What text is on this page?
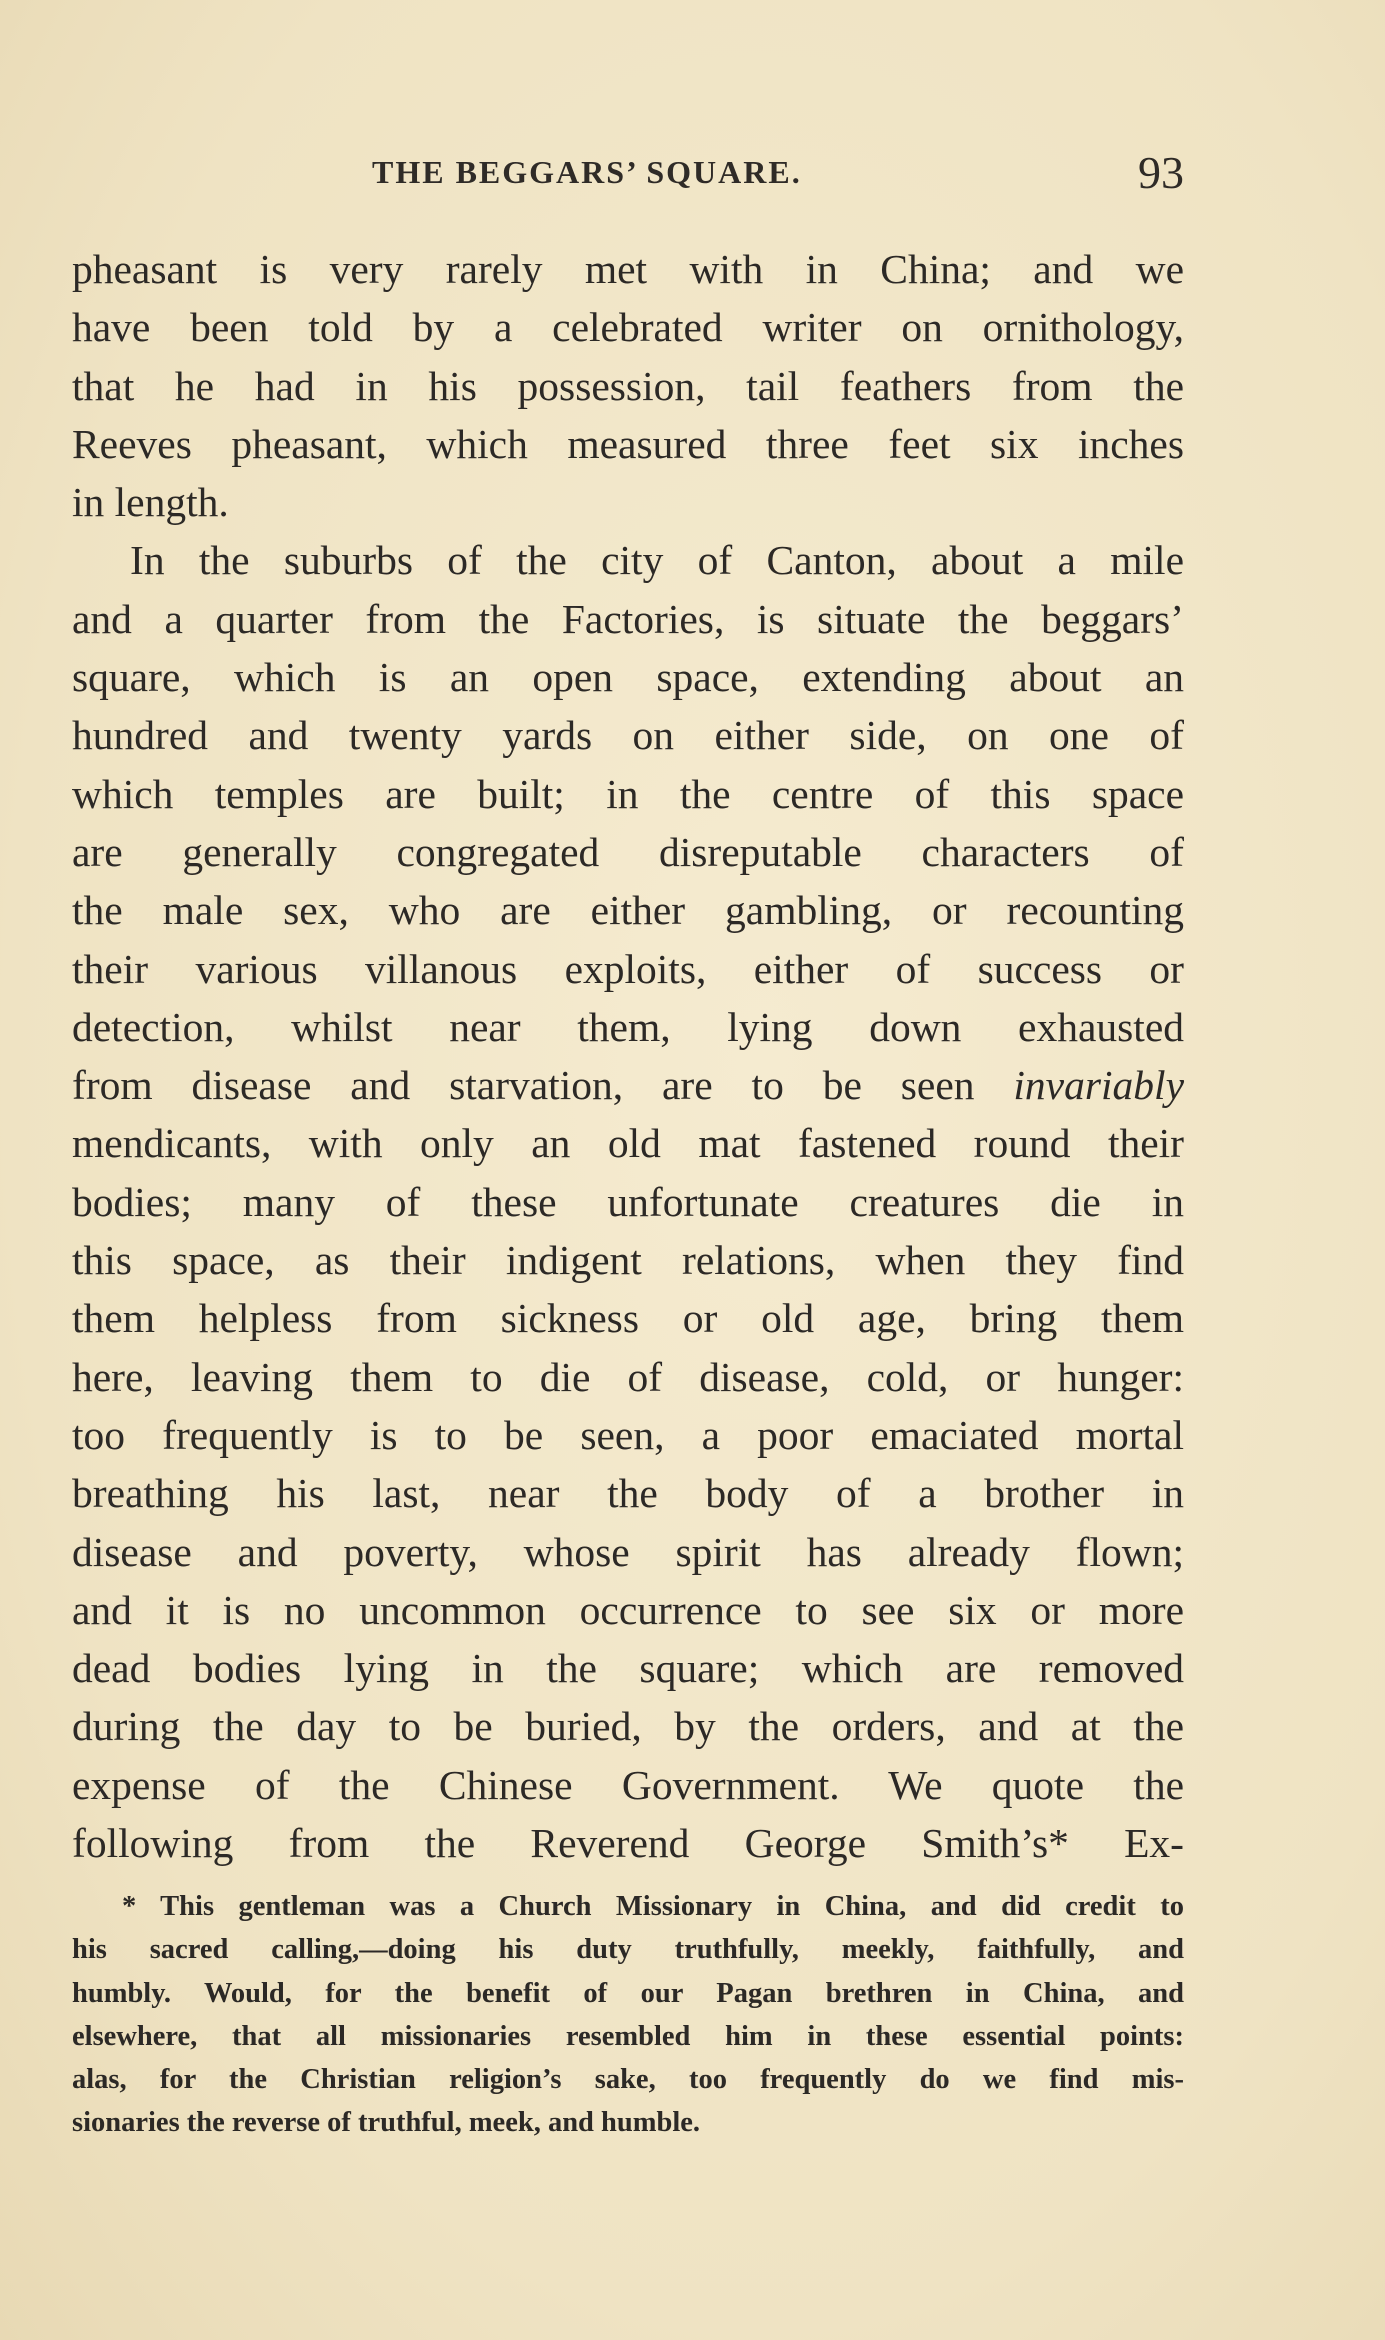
THE BEGGARS’ SQUARE.	93
pheasant is very rarely met with in China; and we
have been told by a celebrated writer on ornithology,
that he had in his possession, tail feathers from the
Reeves pheasant, which measured three feet six inches
in length.
In the suburbs of the city of Canton, about a mile
and a quarter from the Factories, is situate the beggars’
square, which is an open space, extending about an
hundred and twenty yards on either side, on one of
which temples are built; in the centre of this space
are generally congregated disreputable characters of
the male sex, who are either gambling, or recounting
their various villanous exploits, either of success or
detection, whilst near them, lying down exhausted
from disease and starvation, are to be seen invariably
mendicants, with only an old mat fastened round their
bodies; many of these unfortunate creatures die in
this space, as their indigent relations, when they find
them helpless from sickness or old age, bring them
here, leaving them to die of disease, cold, or hunger:
too frequently is to be seen, a poor emaciated mortal
breathing his last, near the body of a brother in
disease and poverty, whose spirit has already flown;
and it is no uncommon occurrence to see six or more
dead bodies lying in the square; which are removed
during the day to be buried, by the orders, and at the
expense of the Chinese Government. We quote the
following from the Reverend George Smith’s* Ex-
* This gentleman was a Church Missionary in China, and did credit to
his sacred calling,—doing his duty truthfully, meekly, faithfully, and
humbly. Would, for the benefit of our Pagan brethren in China, and
elsewhere, that all missionaries resembled him in these essential points:
alas, for the Christian religion’s sake, too frequently do we find mis-
sionaries the reverse of truthful, meek, and humble.
